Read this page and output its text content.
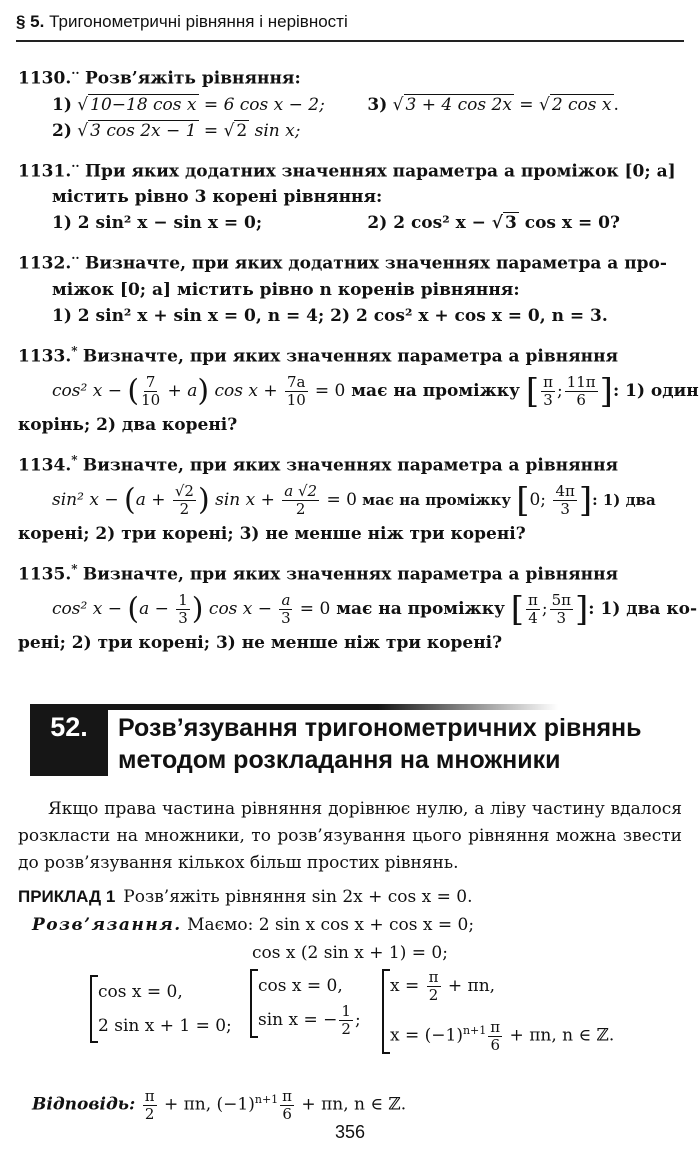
§ 5. Тригонометричні рівняння і нерівності
1130.·· Розв’яжіть рівняння:
1) √ 10−18 cos x = 6 cos x − 2;	3) √ 3 + 4 cos 2x = √ 2 cos x .
2) √ 3 cos 2x − 1 = √ 2 sin x;
1131.·· При яких додатних значеннях параметра a проміжок [0; a]
містить рівно 3 корені рівняння:
1) 2 sin² x − sin x = 0;	2) 2 cos² x − √ 3 cos x = 0?
1132.·· Визначте, при яких додатних значеннях параметра a про-
міжок [0; a] містить рівно n коренів рівняння:
1) 2 sin² x + sin x = 0, n = 4; 2) 2 cos² x + cos x = 0, n = 3.
1133.* Визначте, при яких значеннях параметра a рівняння
cos² x − ( $\frac{7}{10} + a$) $\cos x + \frac{7a}{10} = 0$ має на проміжку [ $\frac{\pi}{3}$ ; $\frac{11\pi}{6}$ ]: 1) один
корінь; 2) два корені?
1134.* Визначте, при яких значеннях параметра a рівняння
sin² $x - (a + \frac{√2}{2}$ ) $\sin x + \frac{a √2}{2} = 0$ має на проміжку [0; $\frac{4\pi}{3}$ ]: 1) два
корені; 2) три корені; 3) не менше ніж три корені?
1135.* Визначте, при яких значеннях параметра a рівняння
cos² $x - (a - \frac{1}{3}$ ) $\cos x - \frac{a}{3} = 0$ має на проміжку [ $\frac{\pi}{4}$ ; $\frac{5\pi}{3}$ ]: 1) два ко-
рені; 2) три корені; 3) не менше ніж три корені?
52.	Розв’язування тригонометричних рівнянь
методом розкладання на множники
Якщо права частина рівняння дорівнює нулю, а ліву частину вдалося розкласти на множники, то розв’язування цього рівняння можна звести до розв’язування кількох більш простих рівнянь.
ПРИКЛАД 1 Розв’яжіть рівняння sin 2x + cos x = 0.
Розв’язання. Маємо: 2 sin x cos x + cos x = 0;
cos x (2 sin x + 1) = 0;
cos x = 0,
2 sin x + 1 = 0;
cos x = 0,
sin x = − $\frac{1}{2}$ ;
$x = \frac{\pi}{2} + \pi n$,
$x = (-1)^{n+1} \frac{\pi}{6} + \pi n$, n ∈ ℤ.
Відповідь: $\frac{\pi}{2} + \pi n$, $(-1)^{n+1} \frac{\pi}{6} + \pi n$, n ∈ ℤ.
356
